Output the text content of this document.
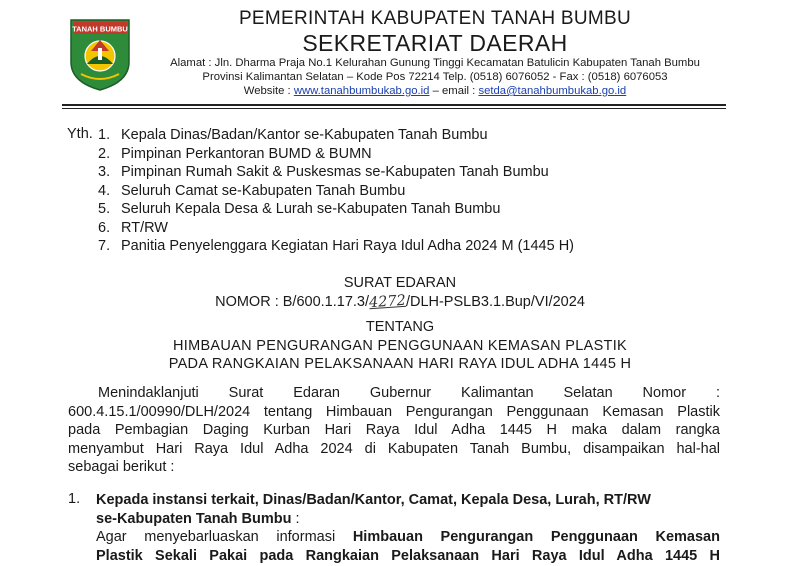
TANAH BUMBU	PEMERINTAH KABUPATEN TANAH BUMBU
SEKRETARIAT DAERAH
Alamat : Jln. Dharma Praja No.1 Kelurahan Gunung Tinggi Kecamatan Batulicin Kabupaten Tanah Bumbu
Provinsi Kalimantan Selatan – Kode Pos 72214 Telp. (0518) 6076052 - Fax : (0518) 6076053
Website : www.tanahbumbukab.go.id – email : setda@tanahbumbukab.go.id
Yth. 1. Kepala Dinas/Badan/Kantor se-Kabupaten Tanah Bumbu
2. Pimpinan Perkantoran BUMD & BUMN
3. Pimpinan Rumah Sakit & Puskesmas se-Kabupaten Tanah Bumbu
4. Seluruh Camat se-Kabupaten Tanah Bumbu
5. Seluruh Kepala Desa & Lurah se-Kabupaten Tanah Bumbu
6. RT/RW
7. Panitia Penyelenggara Kegiatan Hari Raya Idul Adha 2024 M (1445 H)
SURAT EDARAN
NOMOR : B/600.1.17.3/4272/DLH-PSLB3.1.Bup/VI/2024
TENTANG
HIMBAUAN PENGURANGAN PENGGUNAAN KEMASAN PLASTIK
PADA RANGKAIAN PELAKSANAAN HARI RAYA IDUL ADHA 1445 H
Menindaklanjuti Surat Edaran Gubernur Kalimantan Selatan Nomor :
600.4.15.1/00990/DLH/2024 tentang Himbauan Pengurangan Penggunaan Kemasan Plastik
pada Pembagian Daging Kurban Hari Raya Idul Adha 1445 H maka dalam rangka
menyambut Hari Raya Idul Adha 2024 di Kabupaten Tanah Bumbu, disampaikan hal-hal
sebagai berikut :
1. Kepada instansi terkait, Dinas/Badan/Kantor, Camat, Kepala Desa, Lurah, RT/RW
se-Kabupaten Tanah Bumbu :
Agar menyebarluaskan informasi Himbauan Pengurangan Penggunaan Kemasan
Plastik Sekali Pakai pada Rangkaian Pelaksanaan Hari Raya Idul Adha 1445 H
